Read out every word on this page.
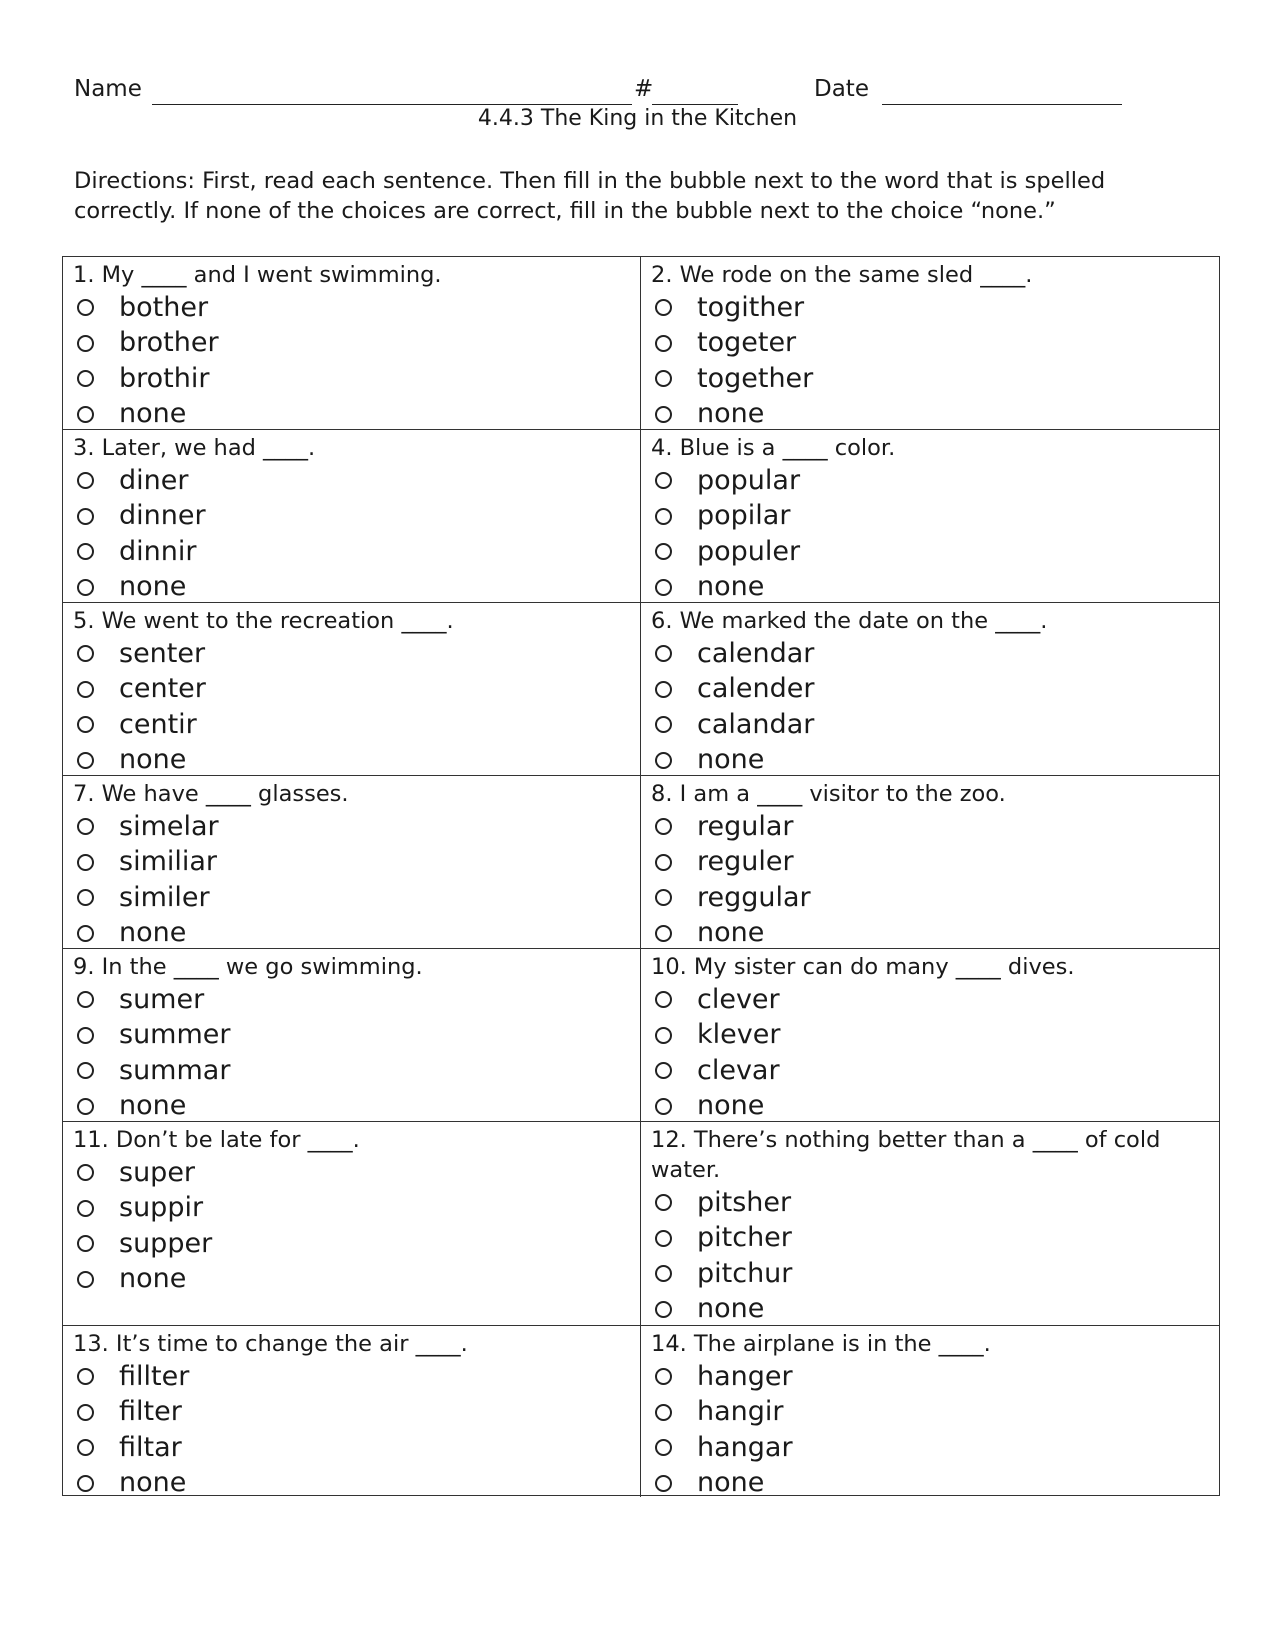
Name	#	Date
4.4.3 The King in the Kitchen
Directions: First, read each sentence. Then fill in the bubble next to the word that is spelled correctly. If none of the choices are correct, fill in the bubble next to the choice “none.”
1. My ____ and I went swimming.
bother
brother
brothir
none
2. We rode on the same sled ____.
togither
togeter
together
none
3. Later, we had ____.
diner
dinner
dinnir
none
4. Blue is a ____ color.
popular
popilar
populer
none
5. We went to the recreation ____.
senter
center
centir
none
6. We marked the date on the ____.
calendar
calender
calandar
none
7. We have ____ glasses.
simelar
similiar
similer
none
8. I am a ____ visitor to the zoo.
regular
reguler
reggular
none
9. In the ____ we go swimming.
sumer
summer
summar
none
10. My sister can do many ____ dives.
clever
klever
clevar
none
11. Don’t be late for ____.
super
suppir
supper
none
12. There’s nothing better than a ____ of cold water.
pitsher
pitcher
pitchur
none
13. It’s time to change the air ____.
fillter
filter
filtar
none
14. The airplane is in the ____.
hanger
hangir
hangar
none
